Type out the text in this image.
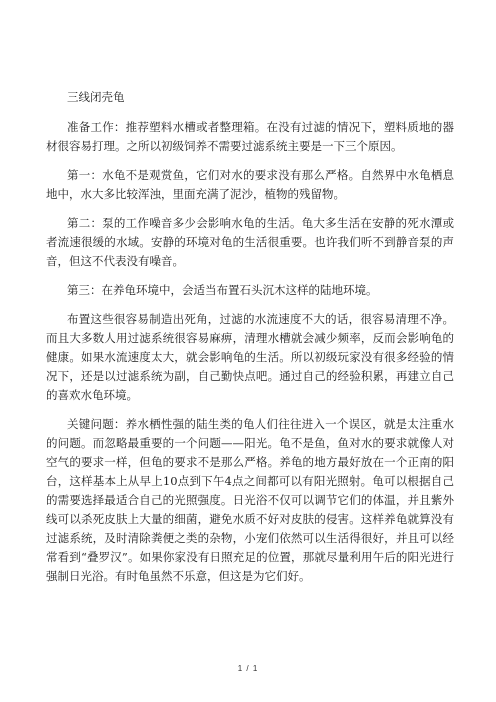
三线闭壳龟

准备工作：推荐塑料水槽或者整理箱。在没有过滤的情况下，塑料质地的器材很容易打理。之所以初级饲养不需要过滤系统主要是一下三个原因。

第一：水龟不是观赏鱼，它们对水的要求没有那么严格。自然界中水龟栖息地中，水大多比较浑浊，里面充满了泥沙，植物的残留物。

第二：泵的工作噪音多少会影响水龟的生活。龟大多生活在安静的死水潭或者流速很缓的水域。安静的环境对龟的生活很重要。也许我们听不到静音泵的声音，但这不代表没有噪音。

第三：在养龟环境中，会适当布置石头沉木这样的陆地环境。

布置这些很容易制造出死角，过滤的水流速度不大的话，很容易清理不净。而且大多数人用过滤系统很容易麻痹，清理水槽就会减少频率，反而会影响龟的健康。如果水流速度太大，就会影响龟的生活。所以初级玩家没有很多经验的情况下，还是以过滤系统为副，自己勤快点吧。通过自己的经验积累，再建立自己的喜欢水龟环境。

关键问题：养水栖性强的陆生类的龟人们往往进入一个误区，就是太注重水的问题。而忽略最重要的一个问题——阳光。龟不是鱼，鱼对水的要求就像人对空气的要求一样，但龟的要求不是那么严格。养龟的地方最好放在一个正南的阳台，这样基本上从早上10点到下午4点之间都可以有阳光照射。龟可以根据自己的需要选择最适合自己的光照强度。日光浴不仅可以调节它们的体温，并且紫外线可以杀死皮肤上大量的细菌，避免水质不好对皮肤的侵害。这样养龟就算没有过滤系统，及时清除粪便之类的杂物，小宠们依然可以生活得很好，并且可以经常看到“叠罗汉”。如果你家没有日照充足的位置，那就尽量利用午后的阳光进行强制日光浴。有时龟虽然不乐意，但这是为它们好。

1 / 1
